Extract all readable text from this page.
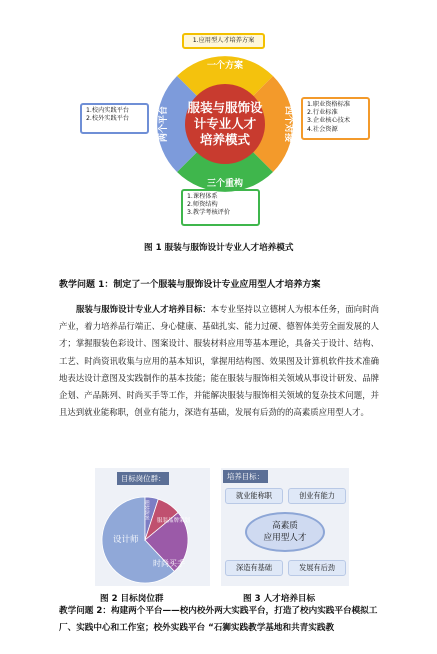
1.应用型人才培养方案
1.校内实践平台
2.校外实践平台
1.职业资格标准
2.行业标准
3.企业核心技术
4.社会资源
1.课程体系
2.师资结构
3.教学考核评价
一个方案
三个重构
四个对接
两个平台 服装与服饰设
计专业人才
培养模式
图 1 服装与服饰设计专业人才培养模式
教学问题 1：制定了一个服装与服饰设计专业应用型人才培养方案
服装与服饰设计专业人才培养目标：本专业坚持以立德树人为根本任务，面向时尚产业，着力培养品行端正、身心健康、基础扎实、能力过硬、德智体美劳全面发展的人才；掌握服装色彩设计、图案设计、服装材料应用等基本理论，具备关于设计、结构、工艺、时尚资讯收集与应用的基本知识，掌握用结构图、效果图及计算机软件技术准确地表达设计意图及实践制作的基本技能；能在服装与服饰相关领域从事设计研发、品牌企划、产品陈列、时尚买手等工作，并能解决服装与服饰相关领域的复杂技术问题，并且达到就业能称职，创业有能力，深造有基础，发展有后劲的的高素质应用型人才。
目标岗位群：
设计师
服装陈列
服装品牌策划
时尚买手
图 2 目标岗位群
培养目标：
就业能称职	创业有能力
深造有基础	发展有后劲
高素质
应用型人才
图 3 人才培养目标
教学问题 2：构建两个平台——校内校外两大实践平台，打造了校内实践平台模拟工厂、实践中心和工作室；校外实践平台 “石狮实践教学基地和共青实践教
